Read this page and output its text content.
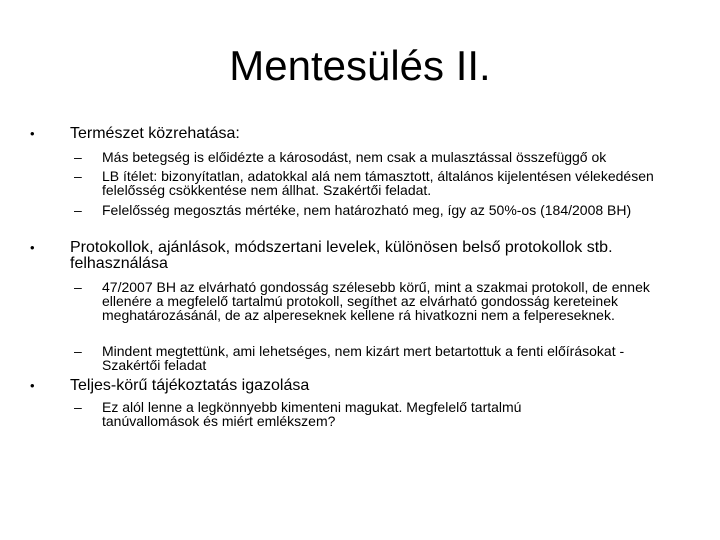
Mentesülés II.
• Természet közrehatása:
– Más betegség is előidézte a károsodást, nem csak a mulasztással összefüggő ok
– LB ítélet: bizonyítatlan, adatokkal alá nem támasztott, általános kijelentésen vélekedésen felelősség csökkentése nem állhat. Szakértői feladat.
– Felelősség megosztás mértéke, nem határozható meg, így az 50%-os (184/2008 BH)
• Protokollok, ajánlások, módszertani levelek, különösen belső protokollok stb. felhasználása
– 47/2007 BH az elvárható gondosság szélesebb körű, mint a szakmai protokoll, de ennek ellenére a megfelelő tartalmú protokoll, segíthet az elvárható gondosság kereteinek meghatározásánál, de az alpereseknek kellene rá hivatkozni nem a felpereseknek.
– Mindent megtettünk, ami lehetséges, nem kizárt mert betartottuk a fenti előírásokat - Szakértői feladat
• Teljes-körű tájékoztatás igazolása
– Ez alól lenne a legkönnyebb kimenteni magukat. Megfelelő tartalmú tanúvallomások és miért emlékszem?
